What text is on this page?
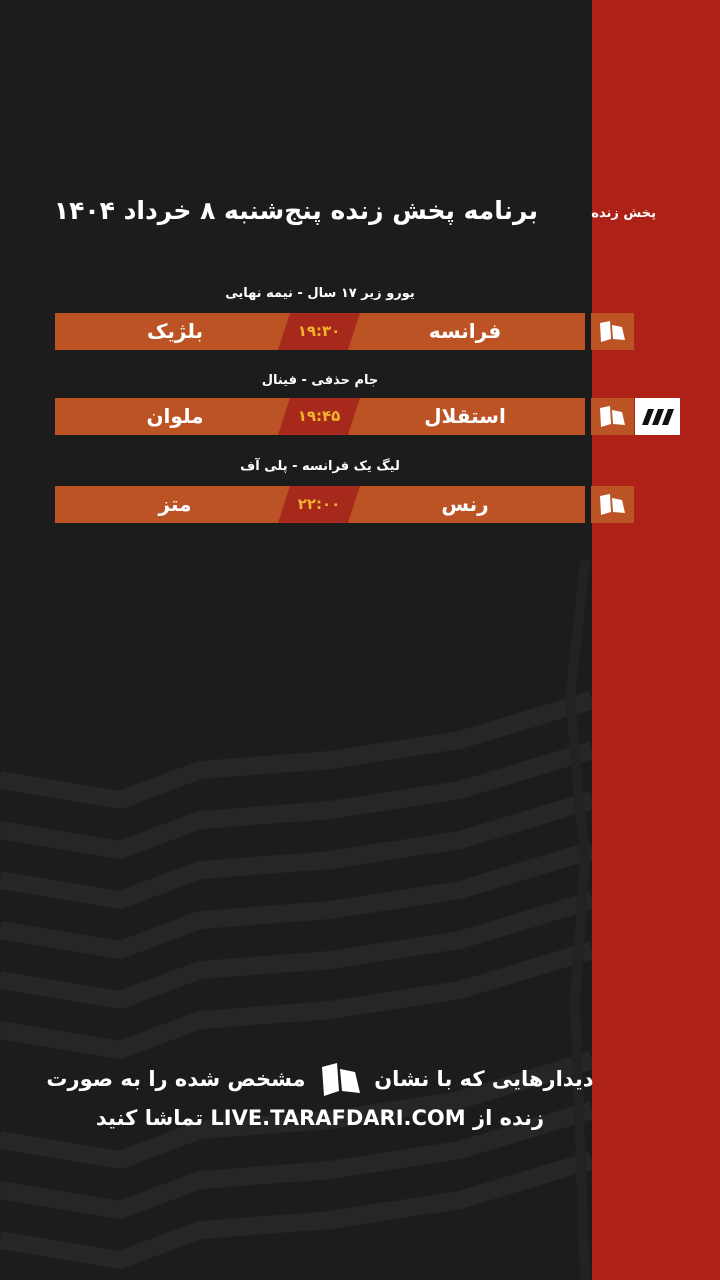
پخش زنده
برنامه پخش زنده پنج‌شنبه ۸ خرداد ۱۴۰۴
یورو زیر ۱۷ سال - نیمه نهایی
فرانسه
۱۹:۳۰
بلژیک
جام حذفی - فینال
استقلال
۱۹:۴۵
ملوان
لیگ یک فرانسه - پلی آف
رنس
۲۲:۰۰
متز
دیدارهایی که با نشان  مشخص شده را به صورت
زنده از LIVE.TARAFDARI.COM تماشا کنید
